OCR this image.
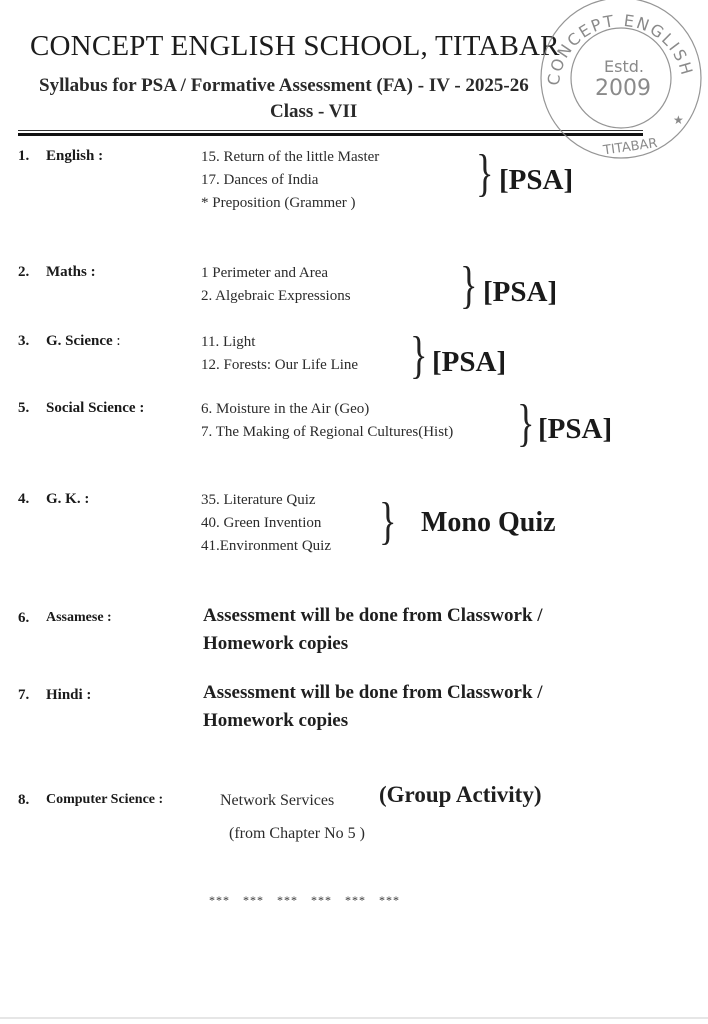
CONCEPT ENGLISH SCHOOL, TITABAR
Syllabus for PSA / Formative Assessment (FA) - IV - 2025-26
Class - VII
CONCEPT ENGLISH
Estd.
2009
TITABAR
★
1. English :	15. Return of the little Master
17. Dances of India
* Preposition (Grammer )
} [PSA]
2. Maths :	1 Perimeter and Area
2. Algebraic Expressions } [PSA]
3. G. Science :	11. Light
12. Forests: Our Life Line } [PSA]
5. Social Science :	6. Moisture in the Air (Geo)
7. The Making of Regional Cultures(Hist) } [PSA]
4. G. K. :	35. Literature Quiz
40. Green Invention
41.Environment Quiz } Mono Quiz
6. Assamese :	Assessment will be done from Classwork /
Homework copies
7. Hindi :	Assessment will be done from Classwork /
Homework copies
8. Computer Science :	Network Services (Group Activity)
(from Chapter No 5 )
*** *** *** *** *** ***
